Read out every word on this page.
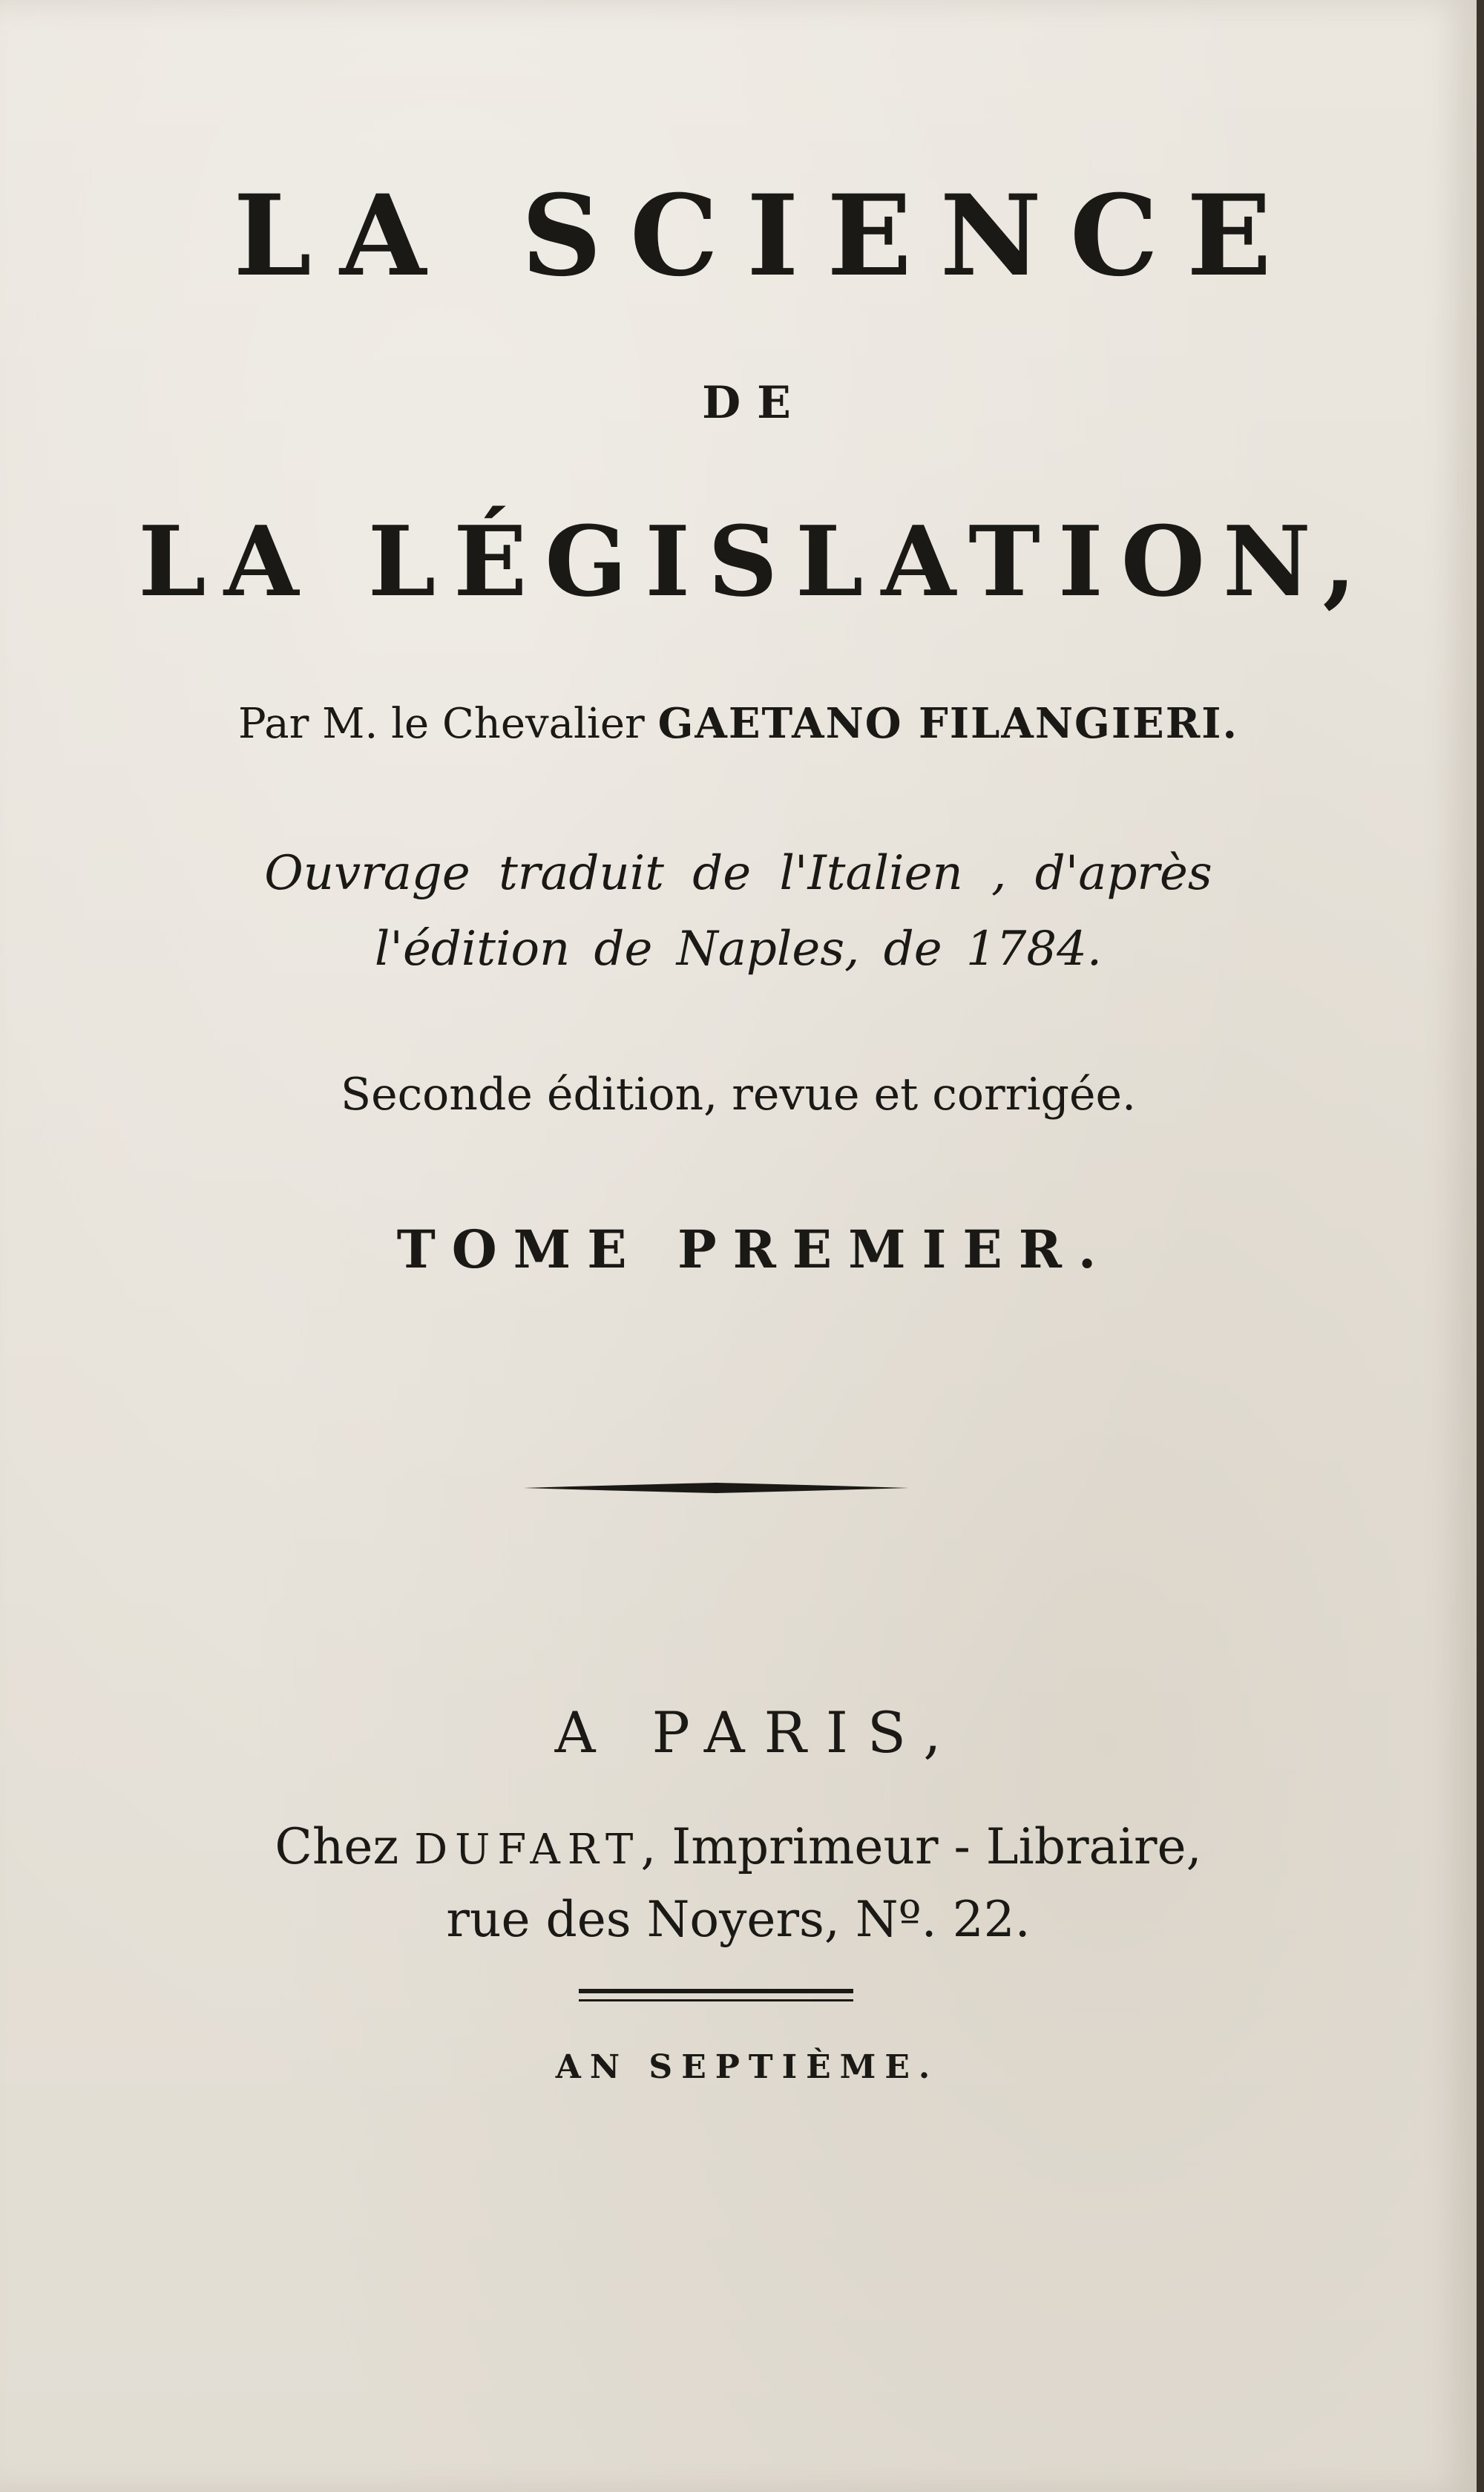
LA SCIENCE
DE
LA LÉGISLATION,
Par M. le Chevalier GAETANO FILANGIERI.
Ouvrage traduit de l'Italien , d'après
l'édition de Naples, de 1784.
Seconde édition, revue et corrigée.
TOME PREMIER.
A PARIS,
Chez DUFART, Imprimeur - Libraire,
rue des Noyers, Nº. 22.
AN SEPTIÈME.
